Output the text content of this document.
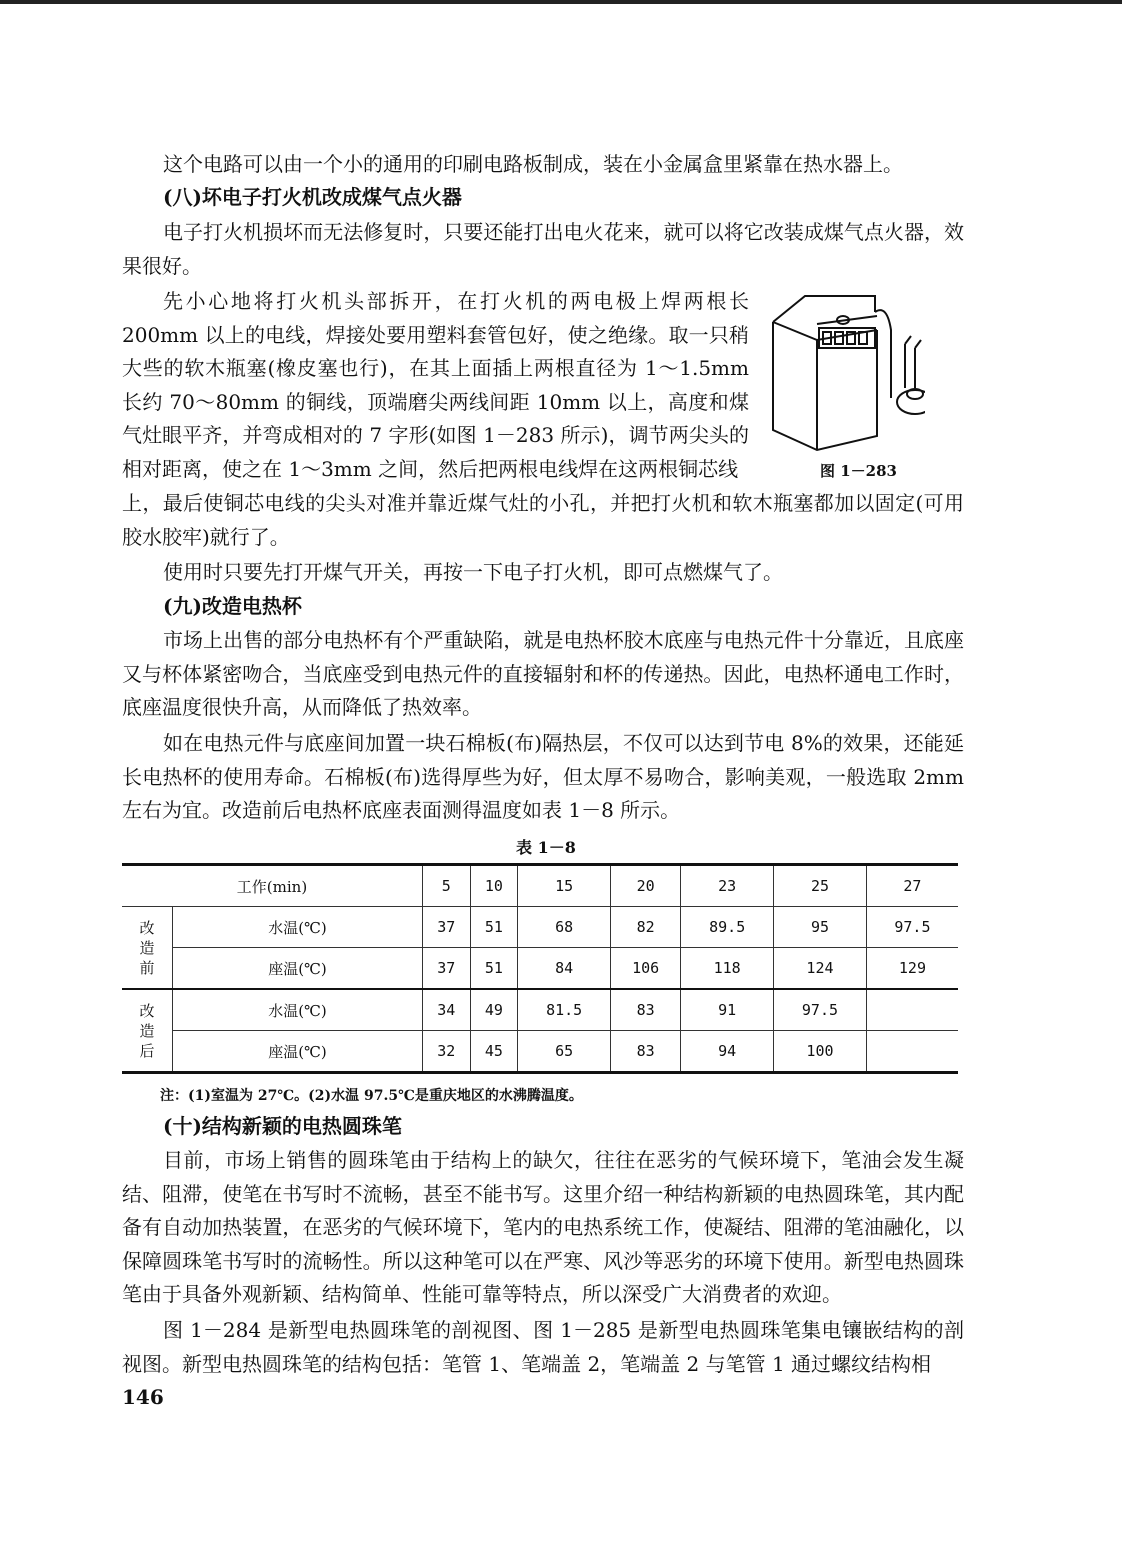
这个电路可以由一个小的通用的印刷电路板制成，装在小金属盒里紧靠在热水器上。

(八)坏电子打火机改成煤气点火器

电子打火机损坏而无法修复时，只要还能打出电火花来，就可以将它改装成煤气点火器，效果很好。

先小心地将打火机头部拆开，在打火机的两电极上焊两根长200mm 以上的电线，焊接处要用塑料套管包好，使之绝缘。取一只稍大些的软木瓶塞(橡皮塞也行)，在其上面插上两根直径为 1～1.5mm 长约 70～80mm 的铜线，顶端磨尖两线间距 10mm 以上，高度和煤气灶眼平齐，并弯成相对的 7 字形(如图 1－283 所示)，调节两尖头的相对距离，使之在 1～3mm 之间，然后把两根电线焊在这两根铜芯线	图 1－283

上，最后使铜芯电线的尖头对准并靠近煤气灶的小孔，并把打火机和软木瓶塞都加以固定(可用胶水胶牢)就行了。

使用时只要先打开煤气开关，再按一下电子打火机，即可点燃煤气了。

(九)改造电热杯

市场上出售的部分电热杯有个严重缺陷，就是电热杯胶木底座与电热元件十分靠近，且底座又与杯体紧密吻合，当底座受到电热元件的直接辐射和杯的传递热。因此，电热杯通电工作时，底座温度很快升高，从而降低了热效率。

如在电热元件与底座间加置一块石棉板(布)隔热层，不仅可以达到节电 8%的效果，还能延长电热杯的使用寿命。石棉板(布)选得厚些为好，但太厚不易吻合，影响美观，一般选取 2mm 左右为宜。改造前后电热杯底座表面测得温度如表 1－8 所示。

表 1－8
工作(min)		5	10	15	20	23	25	27

改造前	水温(℃)	37	51	68	82	89.5	95	97.5
	座温(℃)	37	51	84	106	118	124	129

改造后	水温(℃)	34	49	81.5	83	91	97.5	
	座温(℃)	32	45	65	83	94	100	
注：(1)室温为 27℃。(2)水温 97.5℃是重庆地区的水沸腾温度。

(十)结构新颖的电热圆珠笔

目前，市场上销售的圆珠笔由于结构上的缺欠，往往在恶劣的气候环境下，笔油会发生凝结、阻滞，使笔在书写时不流畅，甚至不能书写。这里介绍一种结构新颖的电热圆珠笔，其内配备有自动加热装置，在恶劣的气候环境下，笔内的电热系统工作，使凝结、阻滞的笔油融化，以保障圆珠笔书写时的流畅性。所以这种笔可以在严寒、风沙等恶劣的环境下使用。新型电热圆珠笔由于具备外观新颖、结构简单、性能可靠等特点，所以深受广大消费者的欢迎。

图 1－284 是新型电热圆珠笔的剖视图、图 1－285 是新型电热圆珠笔集电镶嵌结构的剖视图。新型电热圆珠笔的结构包括：笔管 1、笔端盖 2，笔端盖 2 与笔管 1 通过螺纹结构相

146
